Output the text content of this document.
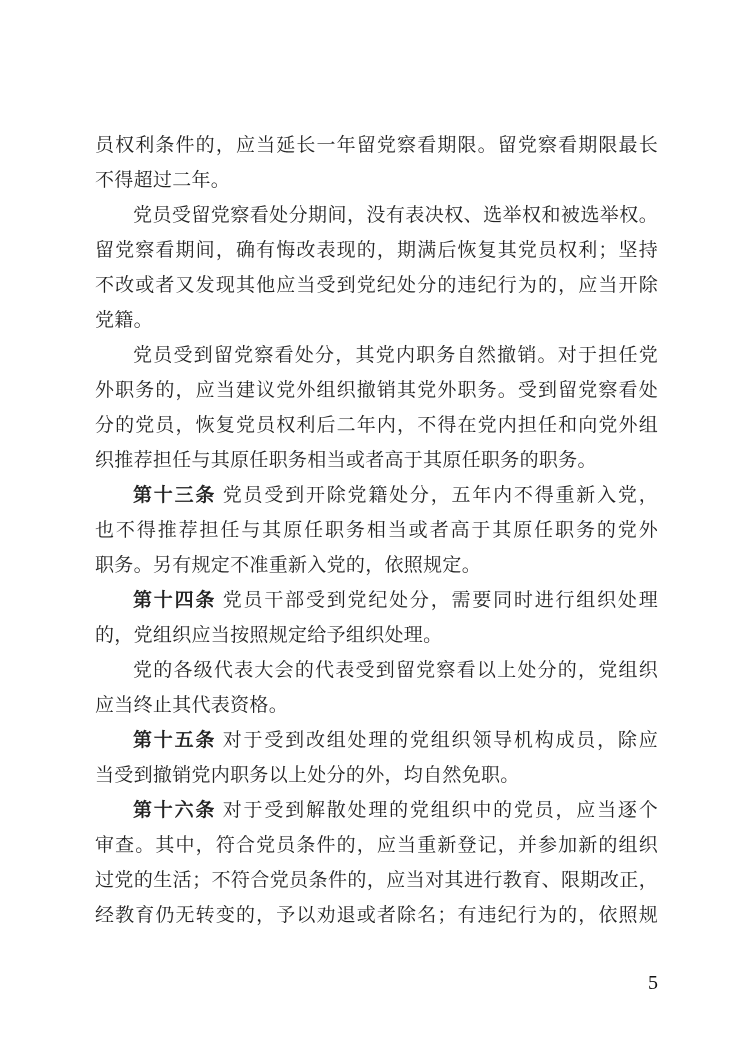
员权利条件的，应当延长一年留党察看期限。留党察看期限最长
不得超过二年。
党员受留党察看处分期间，没有表决权、选举权和被选举权。
留党察看期间，确有悔改表现的，期满后恢复其党员权利；坚持
不改或者又发现其他应当受到党纪处分的违纪行为的，应当开除
党籍。
党员受到留党察看处分，其党内职务自然撤销。对于担任党
外职务的，应当建议党外组织撤销其党外职务。受到留党察看处
分的党员，恢复党员权利后二年内，不得在党内担任和向党外组
织推荐担任与其原任职务相当或者高于其原任职务的职务。
第十三条 党员受到开除党籍处分，五年内不得重新入党，
也不得推荐担任与其原任职务相当或者高于其原任职务的党外
职务。另有规定不准重新入党的，依照规定。
第十四条 党员干部受到党纪处分，需要同时进行组织处理
的，党组织应当按照规定给予组织处理。
党的各级代表大会的代表受到留党察看以上处分的，党组织
应当终止其代表资格。
第十五条 对于受到改组处理的党组织领导机构成员，除应
当受到撤销党内职务以上处分的外，均自然免职。
第十六条 对于受到解散处理的党组织中的党员，应当逐个
审查。其中，符合党员条件的，应当重新登记，并参加新的组织
过党的生活；不符合党员条件的，应当对其进行教育、限期改正，
经教育仍无转变的，予以劝退或者除名；有违纪行为的，依照规
5
